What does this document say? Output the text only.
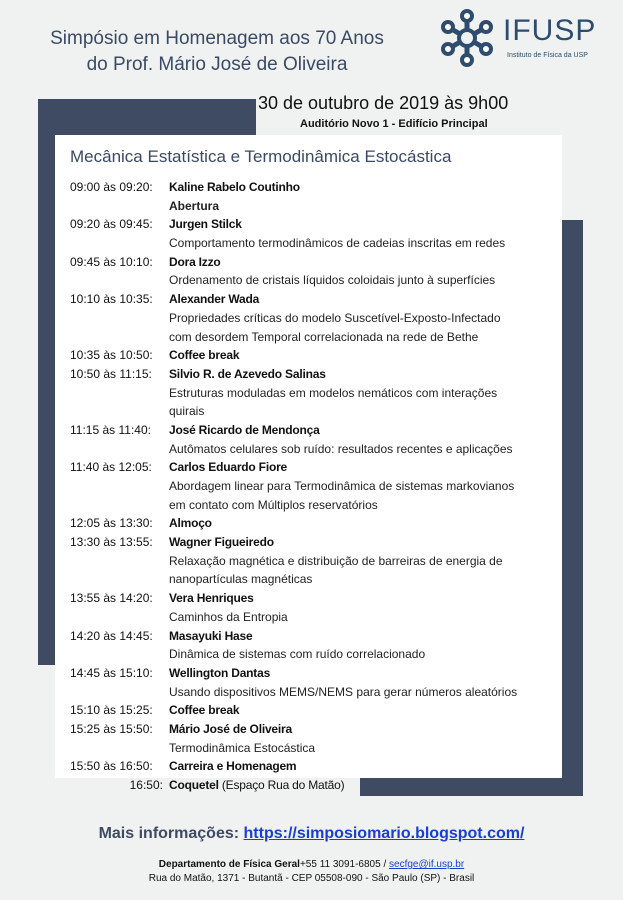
Simpósio em Homenagem aos 70 Anos
do Prof. Mário José de Oliveira
IFUSP
Instituto de Física da USP
30 de outubro de 2019 às 9h00
Auditório Novo 1 - Edifício Principal
Mecânica Estatística e Termodinâmica Estocástica
09:00 às 09:20: Kaline Rabelo Coutinho
Abertura
09:20 às 09:45: Jurgen Stilck
Comportamento termodinâmicos de cadeias inscritas em redes
09:45 às 10:10: Dora Izzo
Ordenamento de cristais líquidos coloidais junto à superfícies
10:10 às 10:35: Alexander Wada
Propriedades críticas do modelo Suscetível-Exposto-Infectado
com desordem Temporal correlacionada na rede de Bethe
10:35 às 10:50: Coffee break
10:50 às 11:15: Silvio R. de Azevedo Salinas
Estruturas moduladas em modelos nemáticos com interações
quirais
11:15 às 11:40: José Ricardo de Mendonça
Autômatos celulares sob ruído: resultados recentes e aplicações
11:40 às 12:05: Carlos Eduardo Fiore
Abordagem linear para Termodinâmica de sistemas markovianos
em contato com Múltiplos reservatórios
12:05 às 13:30: Almoço
13:30 às 13:55: Wagner Figueiredo
Relaxação magnética e distribuição de barreiras de energia de
nanopartículas magnéticas
13:55 às 14:20: Vera Henriques
Caminhos da Entropia
14:20 às 14:45: Masayuki Hase
Dinâmica de sistemas com ruído correlacionado
14:45 às 15:10: Wellington Dantas
Usando dispositivos MEMS/NEMS para gerar números aleatórios
15:10 às 15:25: Coffee break
15:25 às 15:50: Mário José de Oliveira
Termodinâmica Estocástica
15:50 às 16:50: Carreira e Homenagem
16:50: Coquetel (Espaço Rua do Matão)
Mais informações: https://simposiomario.blogspot.com/
Departamento de Física Geral+55 11 3091-6805 / secfge@if.usp.br
Rua do Matão, 1371 - Butantã - CEP 05508-090 - São Paulo (SP) - Brasil
